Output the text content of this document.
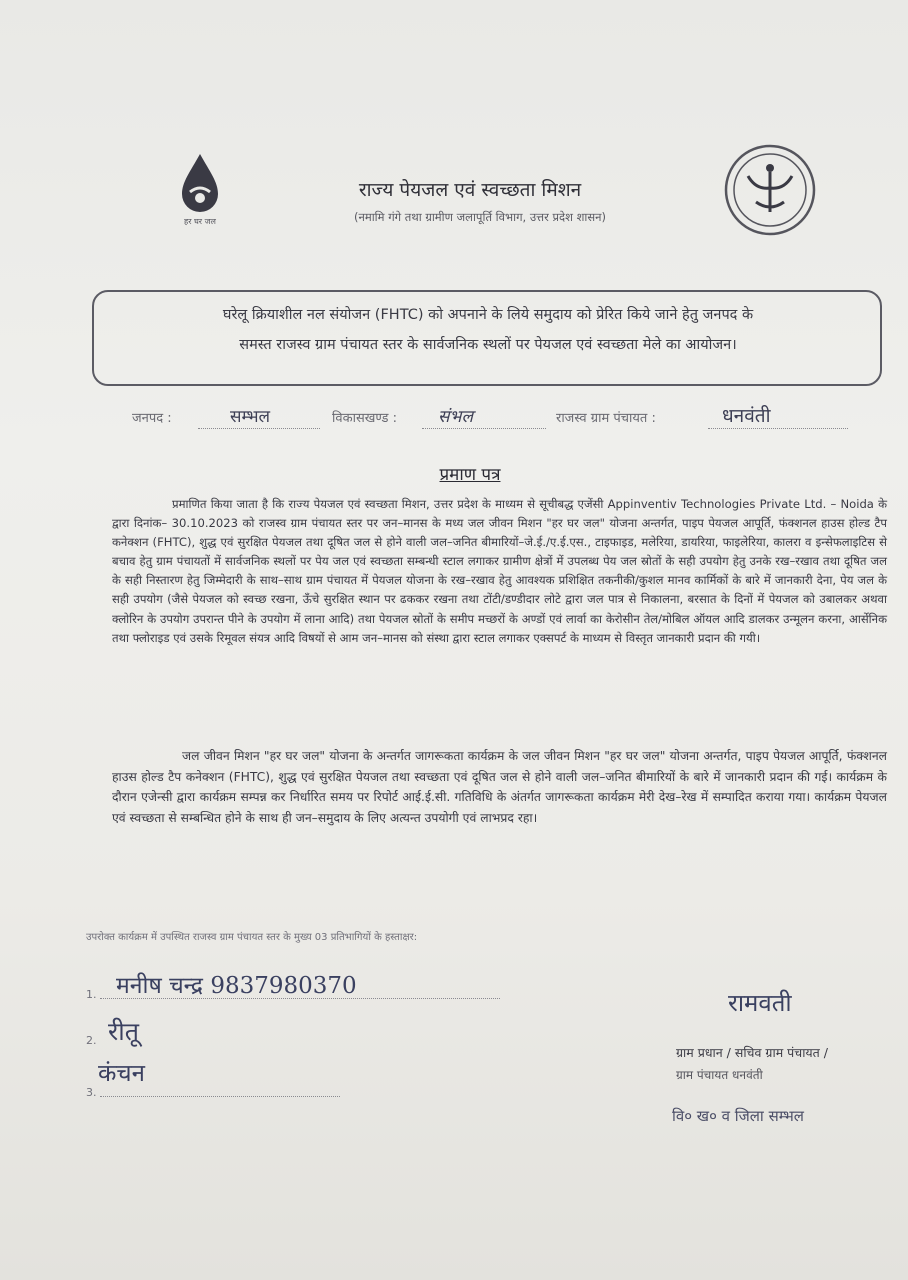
हर घर जल
राज्य पेयजल एवं स्वच्छता मिशन
(नमामि गंगे तथा ग्रामीण जलापूर्ति विभाग, उत्तर प्रदेश शासन)
घरेलू क्रियाशील नल संयोजन (FHTC) को अपनाने के लिये समुदाय को प्रेरित किये जाने हेतु जनपद के
समस्त राजस्व ग्राम पंचायत स्तर के सार्वजनिक स्थलों पर पेयजल एवं स्वच्छता मेले का आयोजन।
जनपद :	सम्भल	विकासखण्ड : संभल	राजस्व ग्राम पंचायत :	धनवंती
प्रमाण पत्र
प्रमाणित किया जाता है कि राज्य पेयजल एवं स्वच्छता मिशन, उत्तर प्रदेश के माध्यम से सूचीबद्ध एजेंसी Appinventiv Technologies Private Ltd. – Noida के द्वारा दिनांक– 30.10.2023 को राजस्व ग्राम पंचायत स्तर पर जन–मानस के मध्य जल जीवन मिशन "हर घर जल" योजना अन्तर्गत, पाइप पेयजल आपूर्ति, फंक्शनल हाउस होल्ड टैप कनेक्शन (FHTC), शुद्ध एवं सुरक्षित पेयजल तथा दूषित जल से होने वाली जल–जनित बीमारियों–जे.ई./ए.ई.एस., टाइफाइड, मलेरिया, डायरिया, फाइलेरिया, कालरा व इन्सेफलाइटिस से बचाव हेतु ग्राम पंचायतों में सार्वजनिक स्थलों पर पेय जल एवं स्वच्छता सम्बन्धी स्टाल लगाकर ग्रामीण क्षेत्रों में उपलब्ध पेय जल स्रोतों के सही उपयोग हेतु उनके रख–रखाव तथा दूषित जल के सही निस्तारण हेतु जिम्मेदारी के साथ–साथ ग्राम पंचायत में पेयजल योजना के रख–रखाव हेतु आवश्यक प्रशिक्षित तकनीकी/कुशल मानव कार्मिकों के बारे में जानकारी देना, पेय जल के सही उपयोग (जैसे पेयजल को स्वच्छ रखना, ऊँचे सुरक्षित स्थान पर ढककर रखना तथा टोंटी/डण्डीदार लोटे द्वारा जल पात्र से निकालना, बरसात के दिनों में पेयजल को उबालकर अथवा क्लोरिन के उपयोग उपरान्त पीने के उपयोग में लाना आदि) तथा पेयजल स्रोतों के समीप मच्छरों के अण्डों एवं लार्वा का केरोसीन तेल/मोबिल ऑयल आदि डालकर उन्मूलन करना, आर्सेनिक तथा फ्लोराइड एवं उसके रिमूवल संयत्र आदि विषयों से आम जन–मानस को संस्था द्वारा स्टाल लगाकर एक्सपर्ट के माध्यम से विस्तृत जानकारी प्रदान की गयी।
जल जीवन मिशन "हर घर जल" योजना के अन्तर्गत जागरूकता कार्यक्रम के जल जीवन मिशन "हर घर जल" योजना अन्तर्गत, पाइप पेयजल आपूर्ति, फंक्शनल हाउस होल्ड टैप कनेक्शन (FHTC), शुद्ध एवं सुरक्षित पेयजल तथा स्वच्छता एवं दूषित जल से होने वाली जल–जनित बीमारियों के बारे में जानकारी प्रदान की गई। कार्यक्रम के दौरान एजेन्सी द्वारा कार्यक्रम सम्पन्न कर निर्धारित समय पर रिपोर्ट आई.ई.सी. गतिविधि के अंतर्गत जागरूकता कार्यक्रम मेरी देख–रेख में सम्पादित कराया गया। कार्यक्रम पेयजल एवं स्वच्छता से सम्बन्धित होने के साथ ही जन–समुदाय के लिए अत्यन्त उपयोगी एवं लाभप्रद रहा।
उपरोक्त कार्यक्रम में उपस्थित राजस्व ग्राम पंचायत स्तर के मुख्य 03 प्रतिभागियों के हस्ताक्षर:
1. मनीष चन्द्र 9837980370
2. रीतू
कंचन
3.
रामवती
ग्राम प्रधान / सचिव ग्राम पंचायत /
ग्राम पंचायत धनवंती
वि० ख० व जिला सम्भल
